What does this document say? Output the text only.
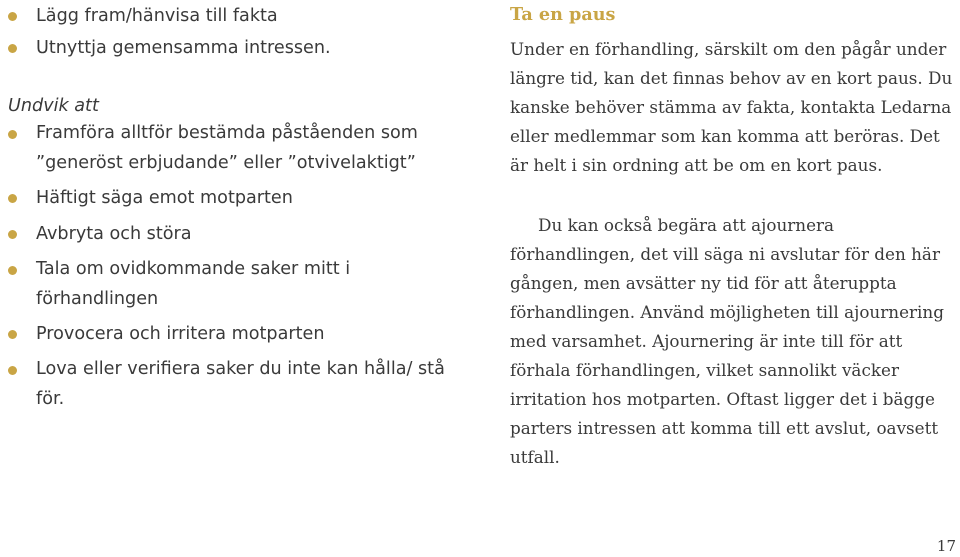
Lägg fram/hänvisa till fakta
Utnyttja gemensamma intressen.
Undvik att
Framföra alltför bestämda påståenden som ”generöst erbjudande” eller ”otvivelaktigt”
Häftigt säga emot motparten
Avbryta och störa
Tala om ovidkommande saker mitt i förhandlingen
Provocera och irritera motparten
Lova eller verifiera saker du inte kan hålla/ stå för.
Ta en paus

Under en förhandling, särskilt om den pågår under längre tid, kan det finnas behov av en kort paus. Du kanske behöver stämma av fakta, kontakta Ledarna eller medlemmar som kan komma att beröras. Det är helt i sin ordning att be om en kort paus.

Du kan också begära att ajournera förhandlingen, det vill säga ni avslutar för den här gången, men avsätter ny tid för att återuppta förhandlingen. Använd möjligheten till ajournering med varsamhet. Ajournering är inte till för att förhala förhandlingen, vilket sannolikt väcker irritation hos motparten. Oftast ligger det i bägge parters intressen att komma till ett avslut, oavsett utfall.

17
